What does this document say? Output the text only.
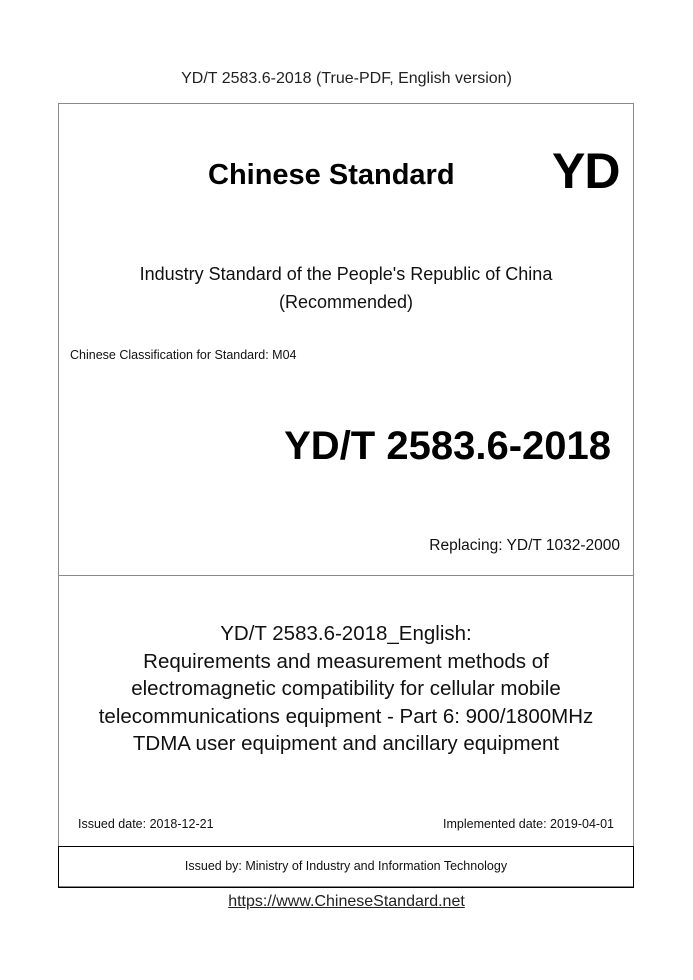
YD/T 2583.6-2018 (True-PDF, English version)
Chinese Standard YD
Industry Standard of the People's Republic of China
(Recommended)
Chinese Classification for Standard: M04
YD/T 2583.6-2018
Replacing: YD/T 1032-2000
YD/T 2583.6-2018_English:
Requirements and measurement methods of
electromagnetic compatibility for cellular mobile
telecommunications equipment - Part 6: 900/1800MHz
TDMA user equipment and ancillary equipment
Issued date: 2018-12-21	Implemented date: 2019-04-01
Issued by: Ministry of Industry and Information Technology
https://www.ChineseStandard.net
